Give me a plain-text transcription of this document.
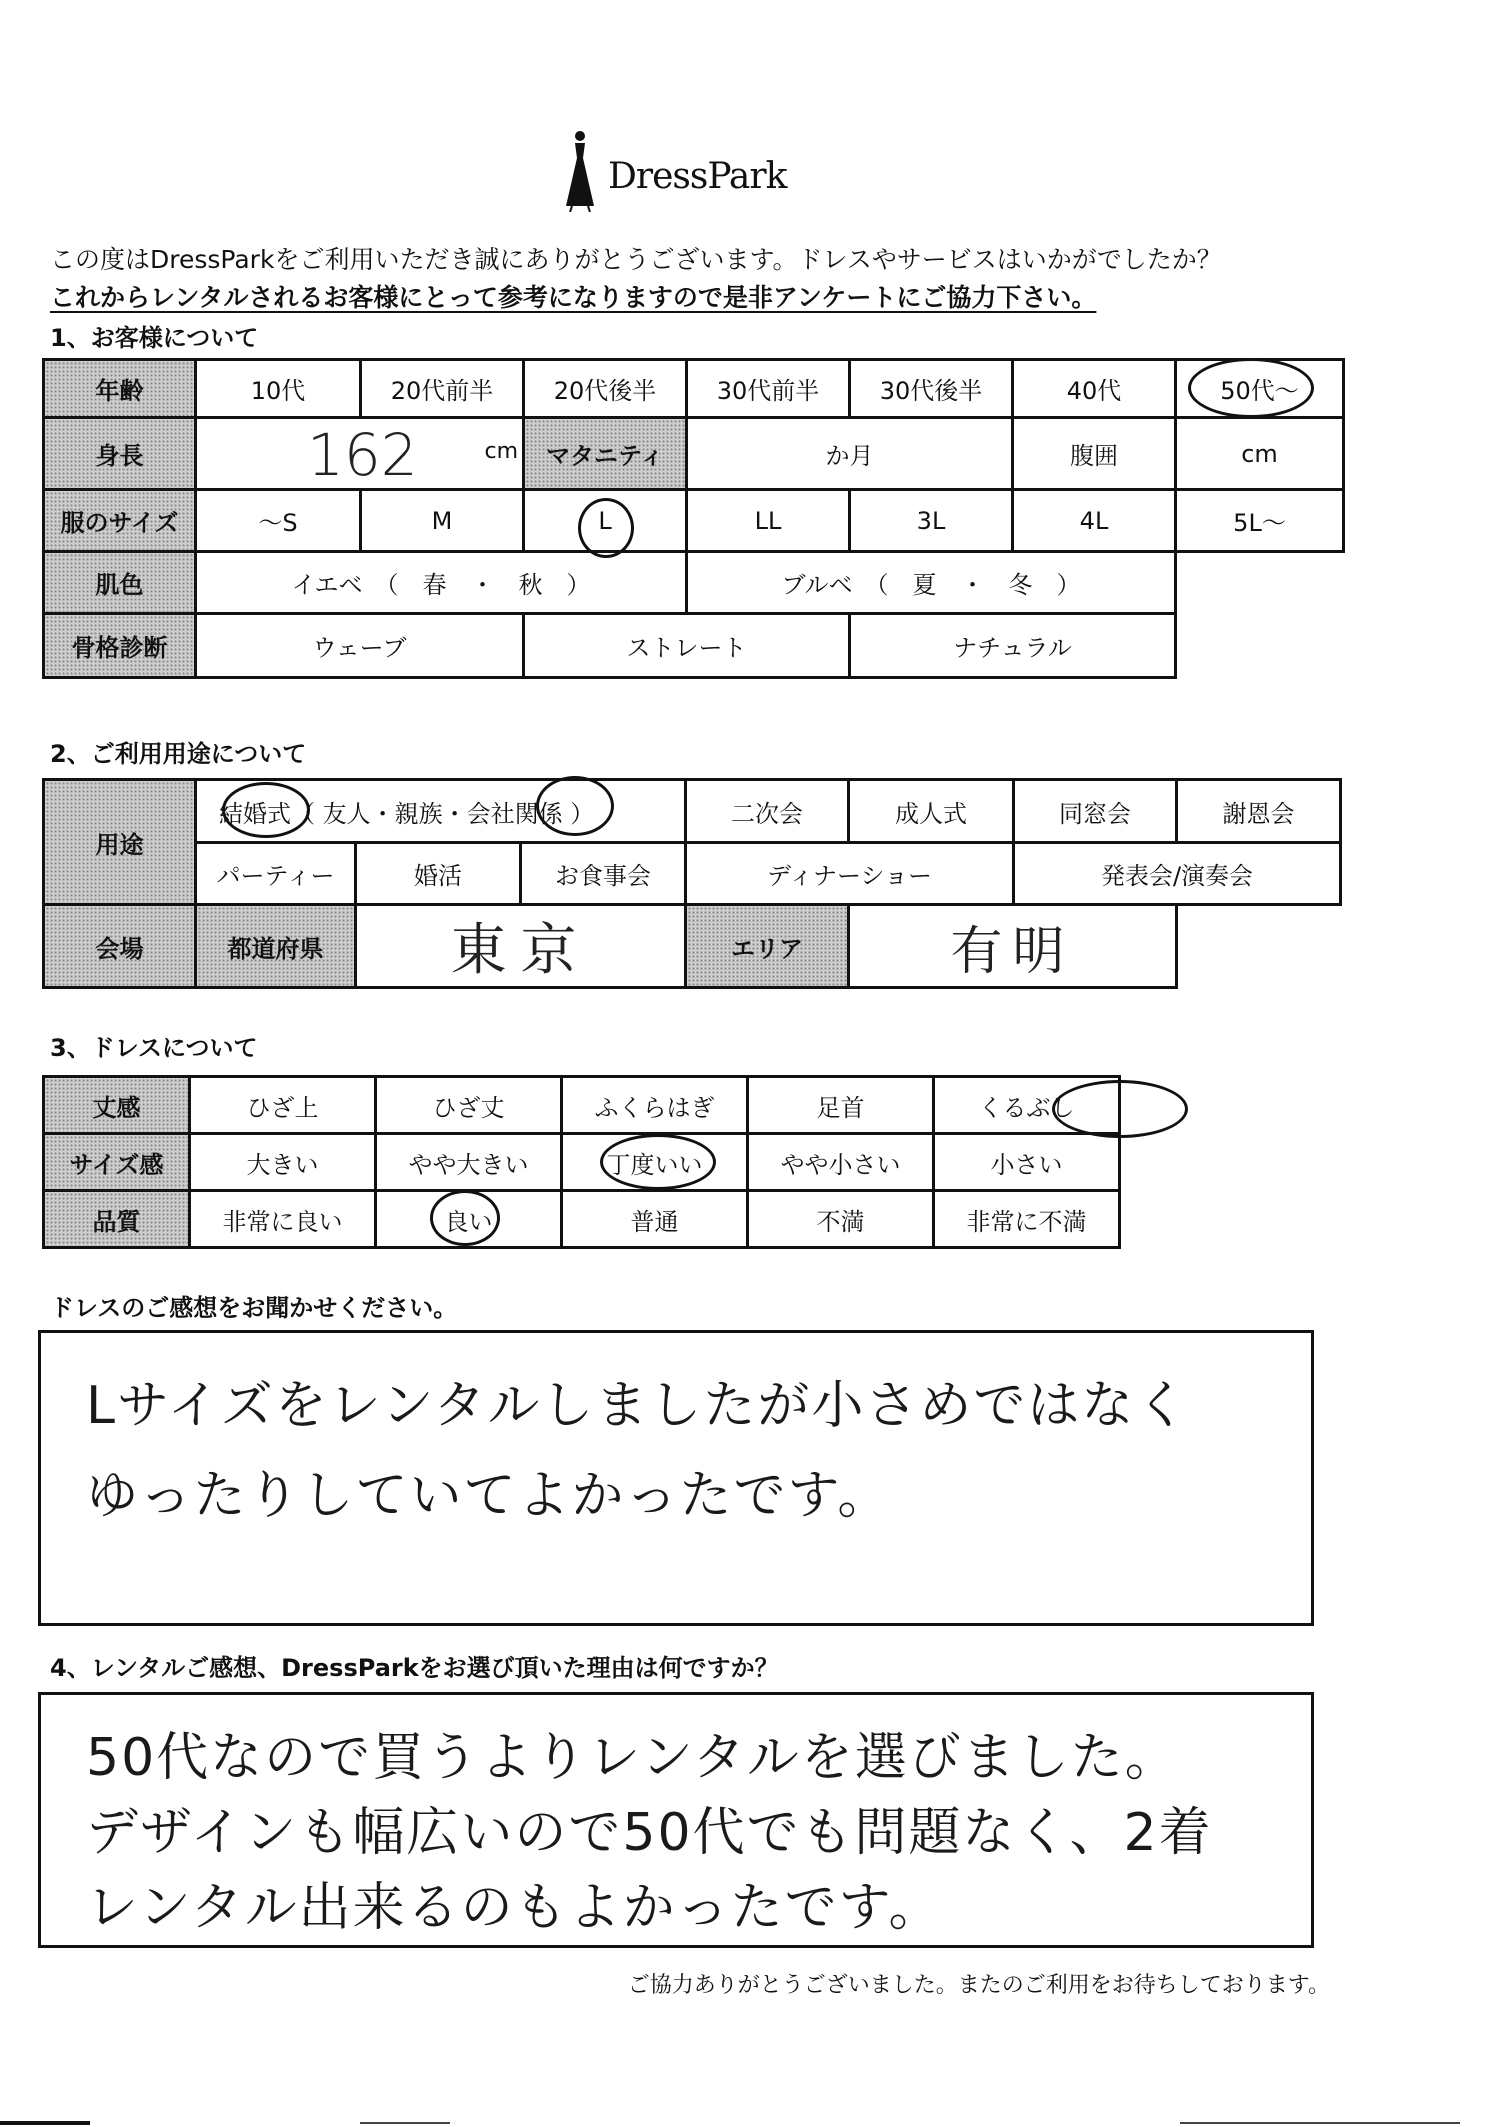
DressPark
この度はDressParkをご利用いただき誠にありがとうございます。ドレスやサービスはいかがでしたか？
これからレンタルされるお客様にとって参考になりますので是非アンケートにご協力下さい。
1、お客様について
年齢	10代	20代前半	20代後半	30代前半	30代後半	40代	50代〜
身長	162 cm		マタニティ	か月		腹囲	cm
服のサイズ	〜S	M	L	LL	3L	4L	5L〜
肌色	イエベ　（　春　・　秋　）			ブルベ　（　夏　・　冬　）			
骨格診断	ウェーブ		ストレート		ナチュラル		
2、ご利用用途について
用途	結婚式（ 友人・親族・会社関係 ）			二次会	成人式	同窓会	謝恩会
	パーティー	婚活	お食事会	ディナーショー		発表会/演奏会	
会場	都道府県	東京		エリア	有明		
3、ドレスについて
丈感	ひざ上	ひざ丈	ふくらはぎ	足首	くるぶし
サイズ感	大きい	やや大きい	丁度いい	やや小さい	小さい
品質	非常に良い	良い	普通	不満	非常に不満
ドレスのご感想をお聞かせください。
Lサイズをレンタルしましたが小さめではなく
ゆったりしていてよかったです。
4、レンタルご感想、DressParkをお選び頂いた理由は何ですか？
50代なので買うよりレンタルを選びました。
デザインも幅広いので50代でも問題なく、2着
レンタル出来るのもよかったです。
ご協力ありがとうございました。またのご利用をお待ちしております。
